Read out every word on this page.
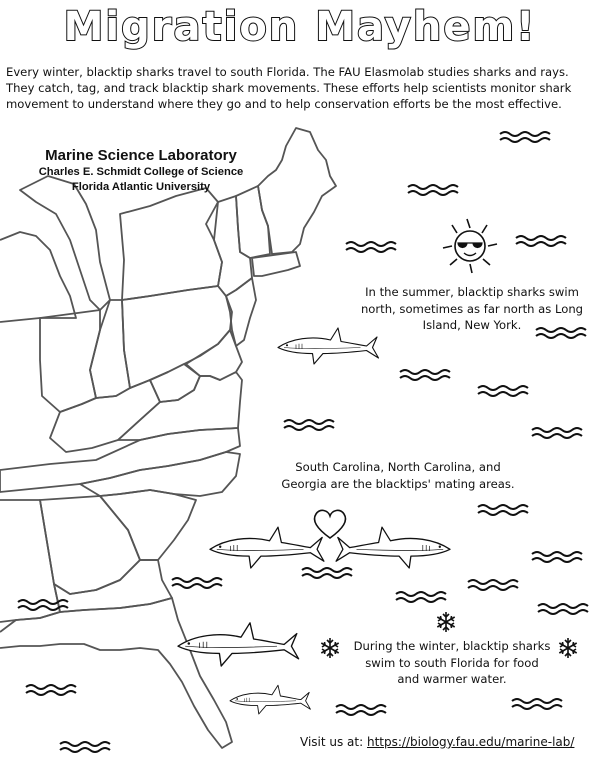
Migration Mayhem!
Every winter, blacktip sharks travel to south Florida. The FAU Elasmolab studies sharks and rays.
They catch, tag, and track blacktip shark movements. These efforts help scientists monitor shark
movement to understand where they go and to help conservation efforts be the most effective.
Marine Science Laboratory
Charles E. Schmidt College of Science
Florida Atlantic University
In the summer, blacktip sharks swim
north, sometimes as far north as Long
Island, New York.
South Carolina, North Carolina, and
Georgia are the blacktips' mating areas.
During the winter, blacktip sharks
swim to south Florida for food
and warmer water.
Visit us at: https://biology.fau.edu/marine-lab/
